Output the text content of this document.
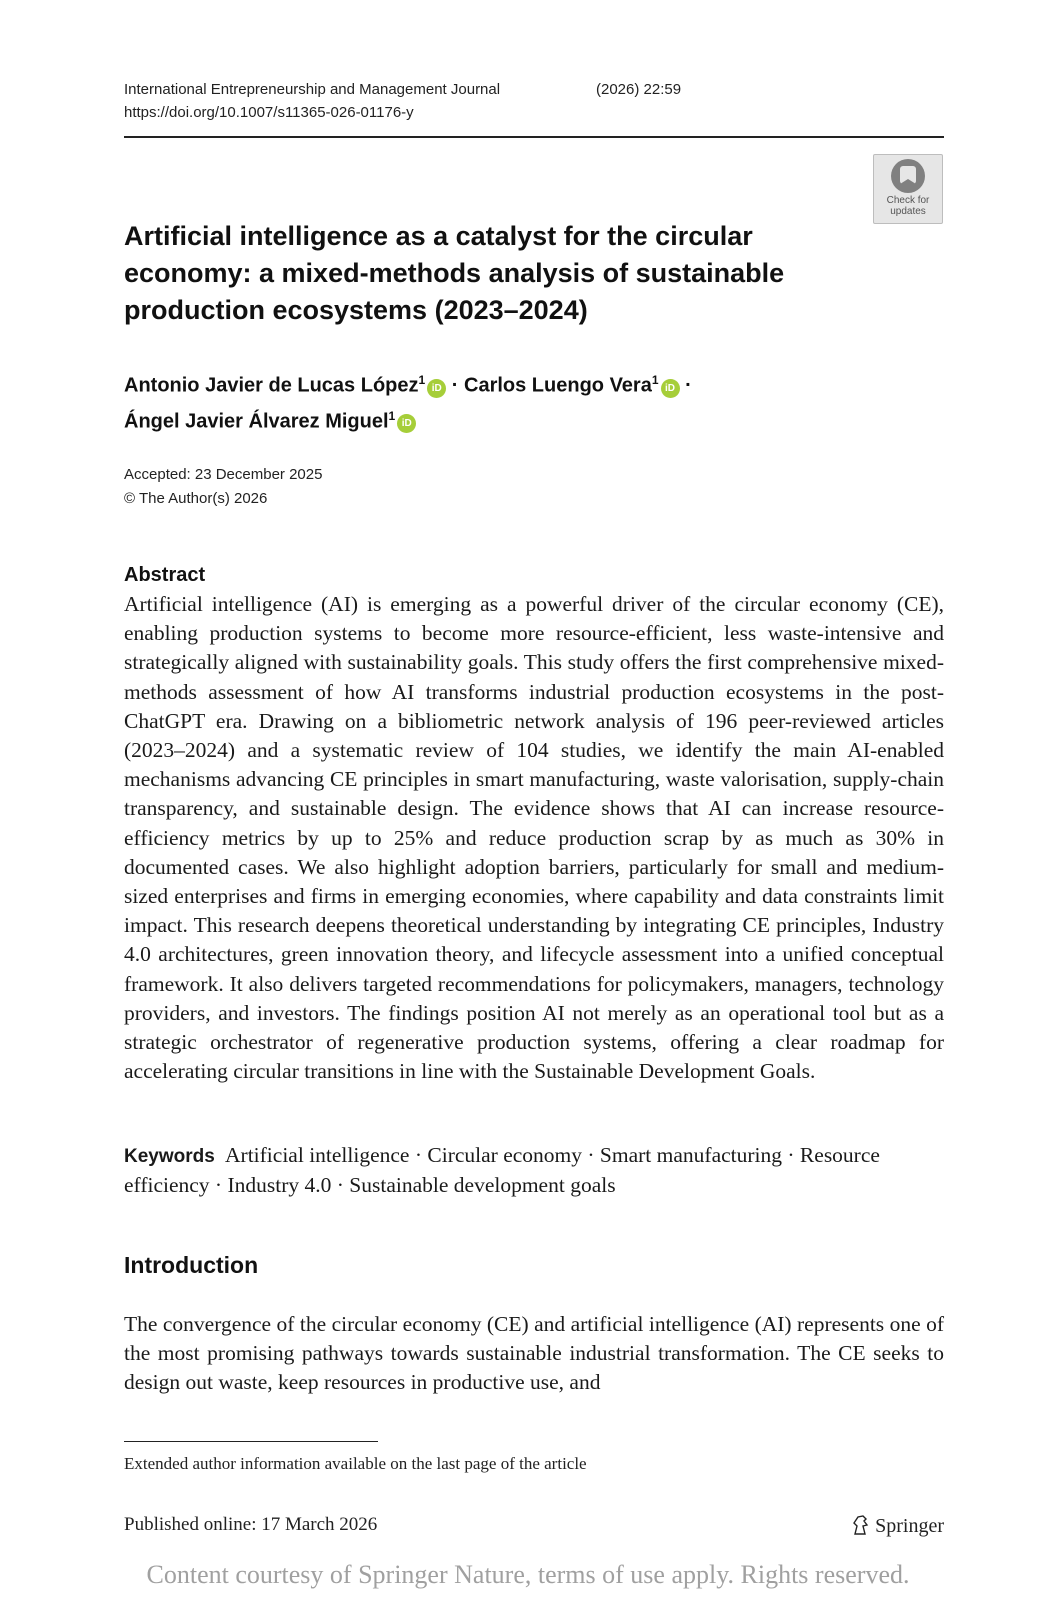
International Entrepreneurship and Management Journal	(2026) 22:59
https://doi.org/10.1007/s11365-026-01176-y
Check for
updates
Artificial intelligence as a catalyst for the circular economy: a mixed-methods analysis of sustainable production ecosystems (2023–2024)
Antonio Javier de Lucas López$^1$iD · Carlos Luengo Vera$^1$iD ·
Ángel Javier Álvarez Miguel$^1$iD
Accepted: 23 December 2025
© The Author(s) 2026
Abstract

Artificial intelligence (AI) is emerging as a powerful driver of the circular economy (CE), enabling production systems to become more resource-efficient, less waste-intensive and strategically aligned with sustainability goals. This study offers the first comprehensive mixed-methods assessment of how AI transforms industrial production ecosystems in the post-ChatGPT era. Drawing on a bibliometric network analysis of 196 peer-reviewed articles (2023–2024) and a systematic review of 104 studies, we identify the main AI-enabled mechanisms advancing CE principles in smart manufacturing, waste valorisation, supply-chain transparency, and sustainable design. The evidence shows that AI can increase resource-efficiency metrics by up to 25% and reduce production scrap by as much as 30% in documented cases. We also highlight adoption barriers, particularly for small and medium-sized enterprises and firms in emerging economies, where capability and data constraints limit impact. This research deepens theoretical understanding by integrating CE principles, Industry 4.0 architectures, green innovation theory, and lifecycle assessment into a unified conceptual framework. It also delivers targeted recommendations for policymakers, managers, technology providers, and investors. The findings position AI not merely as an operational tool but as a strategic orchestrator of regenerative production systems, offering a clear roadmap for accelerating circular transitions in line with the Sustainable Development Goals.

Keywords Artificial intelligence · Circular economy · Smart manufacturing · Resource efficiency · Industry 4.0 · Sustainable development goals

Introduction

The convergence of the circular economy (CE) and artificial intelligence (AI) represents one of the most promising pathways towards sustainable industrial transformation. The CE seeks to design out waste, keep resources in productive use, and

Extended author information available on the last page of the article
Published online: 17 March 2026	Springer
Content courtesy of Springer Nature, terms of use apply. Rights reserved.
